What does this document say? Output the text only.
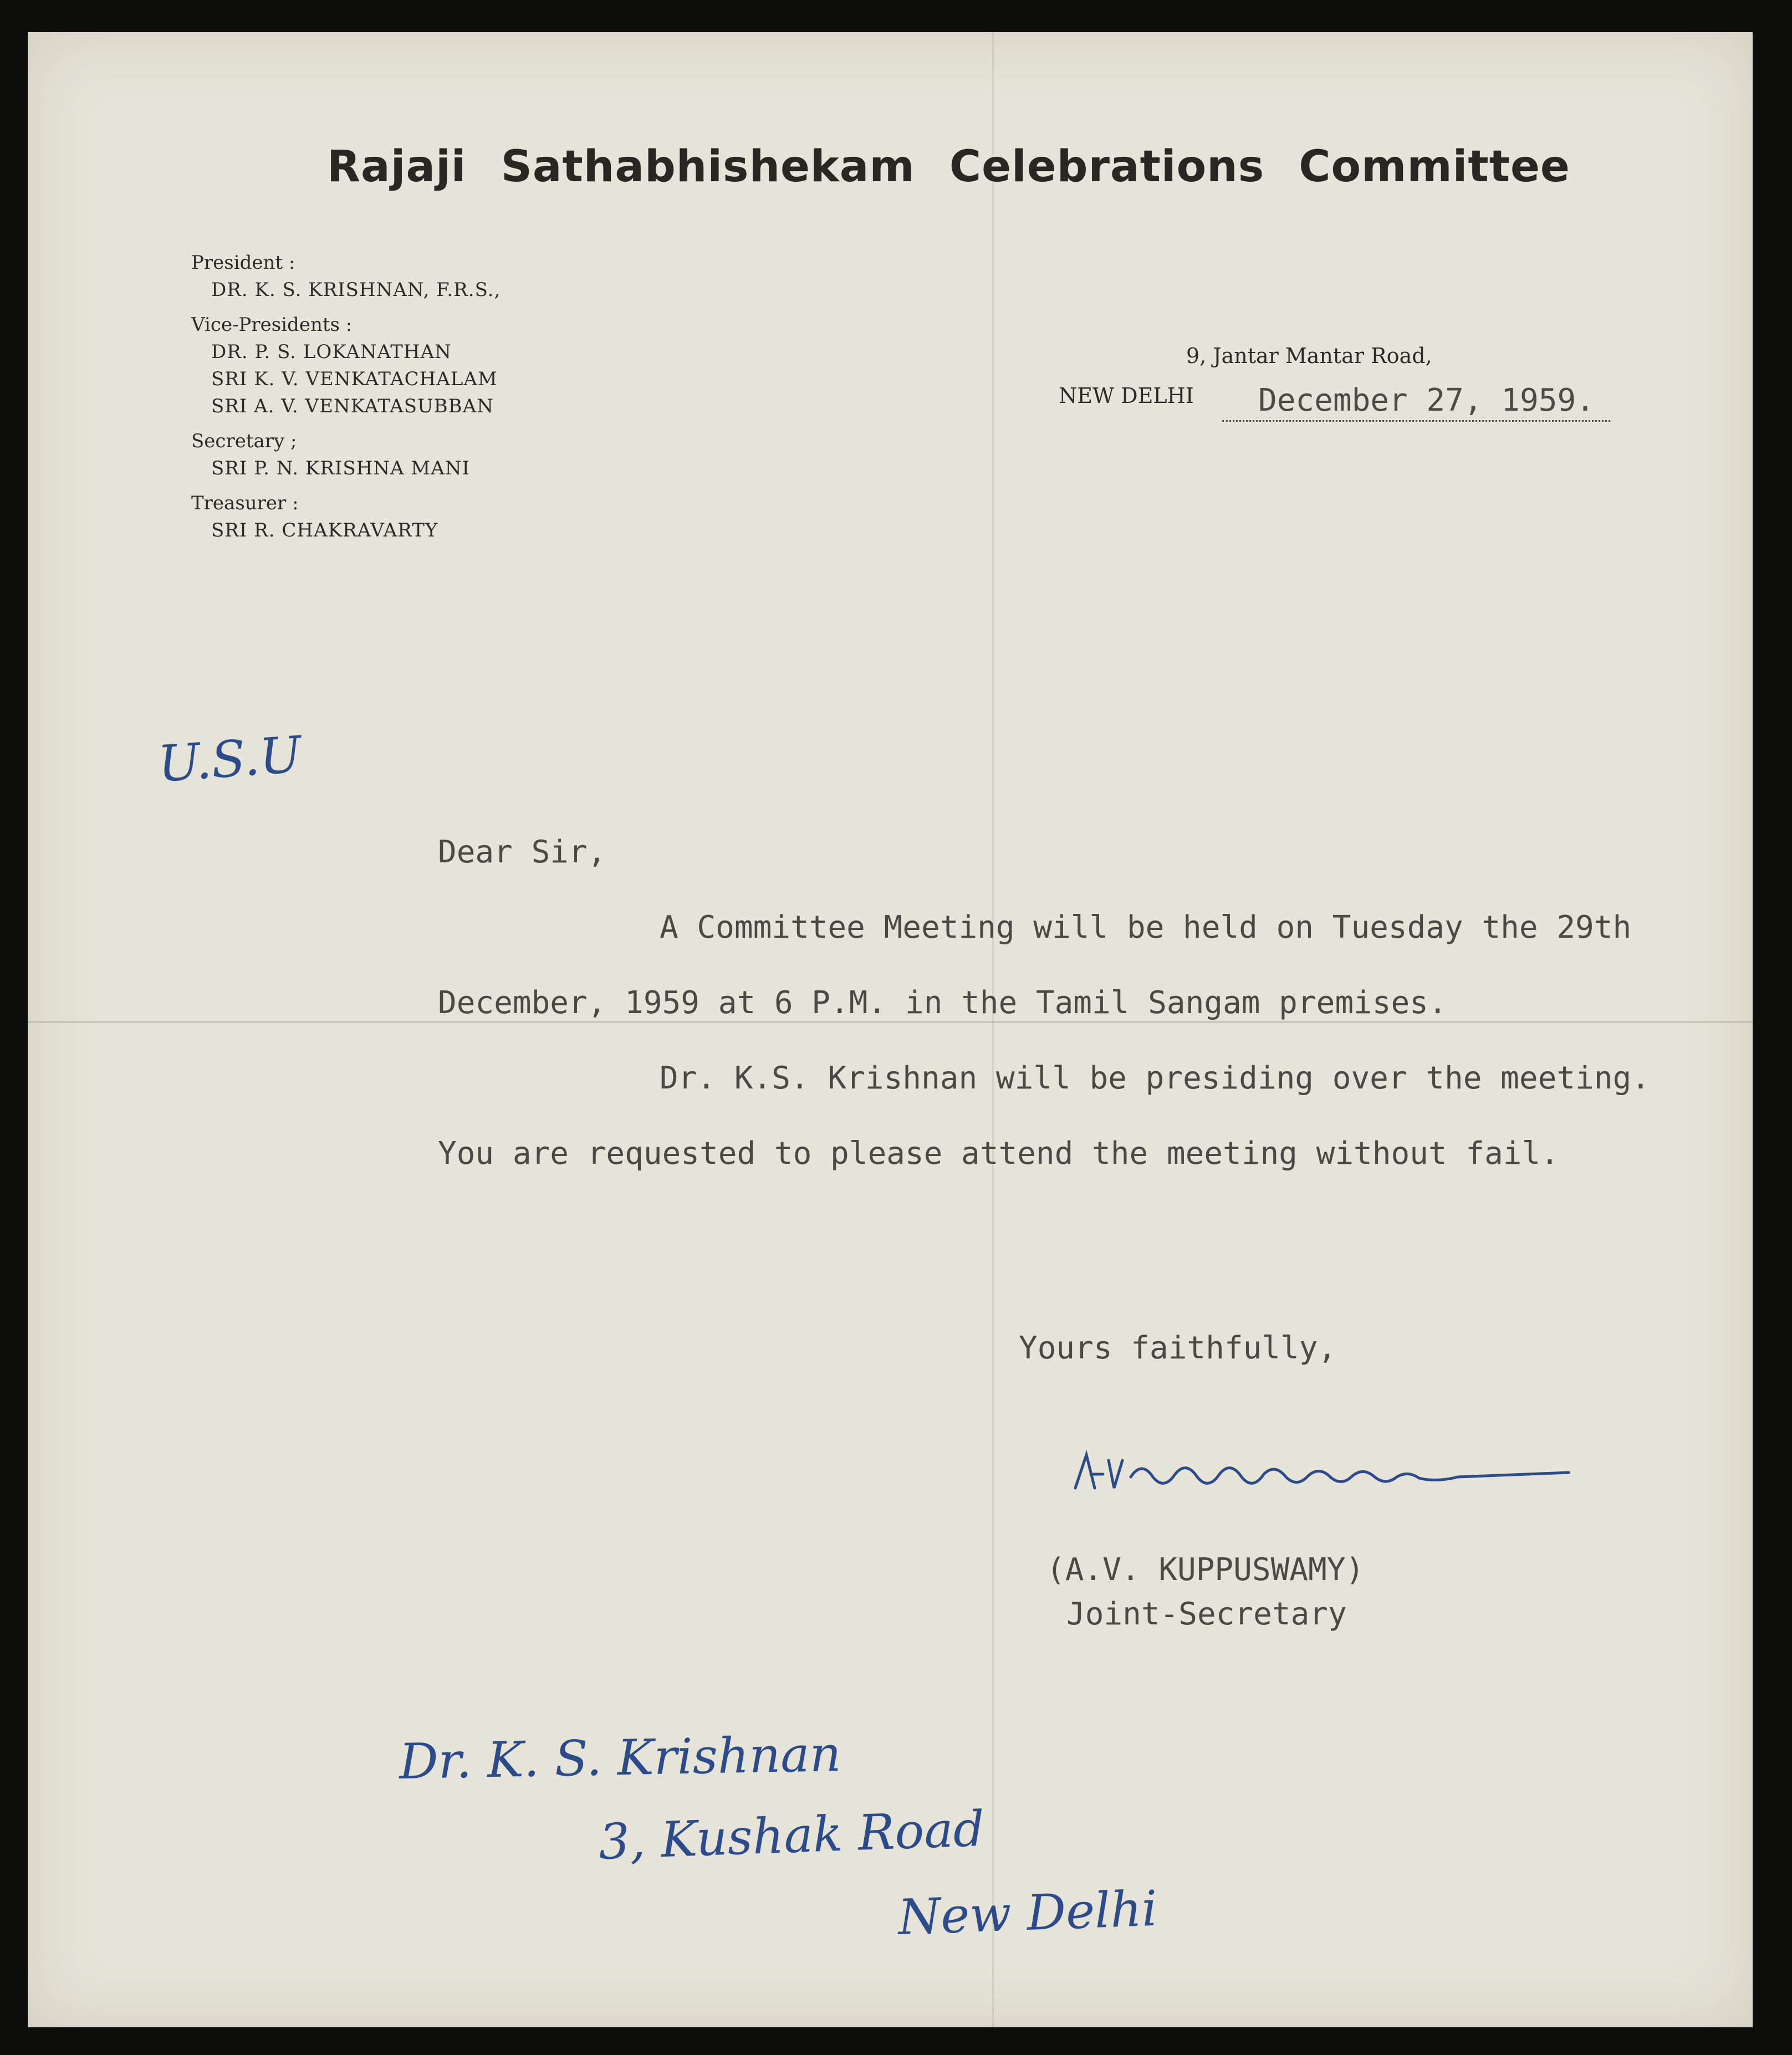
Rajaji Sathabhishekam Celebrations Committee
President :
DR. K. S. KRISHNAN, F.R.S.,
Vice-Presidents :
DR. P. S. LOKANATHAN
SRI K. V. VENKATACHALAM
SRI A. V. VENKATASUBBAN
Secretary ;
SRI P. N. KRISHNA MANI
Treasurer :
SRI R. CHAKRAVARTY
9, Jantar Mantar Road,
NEW DELHI December 27, 1959.
U.S.U

Dear Sir,

A Committee Meeting will be held on Tuesday the 29th December, 1959 at 6 P.M. in the Tamil Sangam premises.

Dr. K.S. Krishnan will be presiding over the meeting. You are requested to please attend the meeting without fail.

Yours faithfully,
(A.V. KUPPUSWAMY)
Joint-Secretary
Dr. K. S. Krishnan
3, Kushak Road
New Delhi
